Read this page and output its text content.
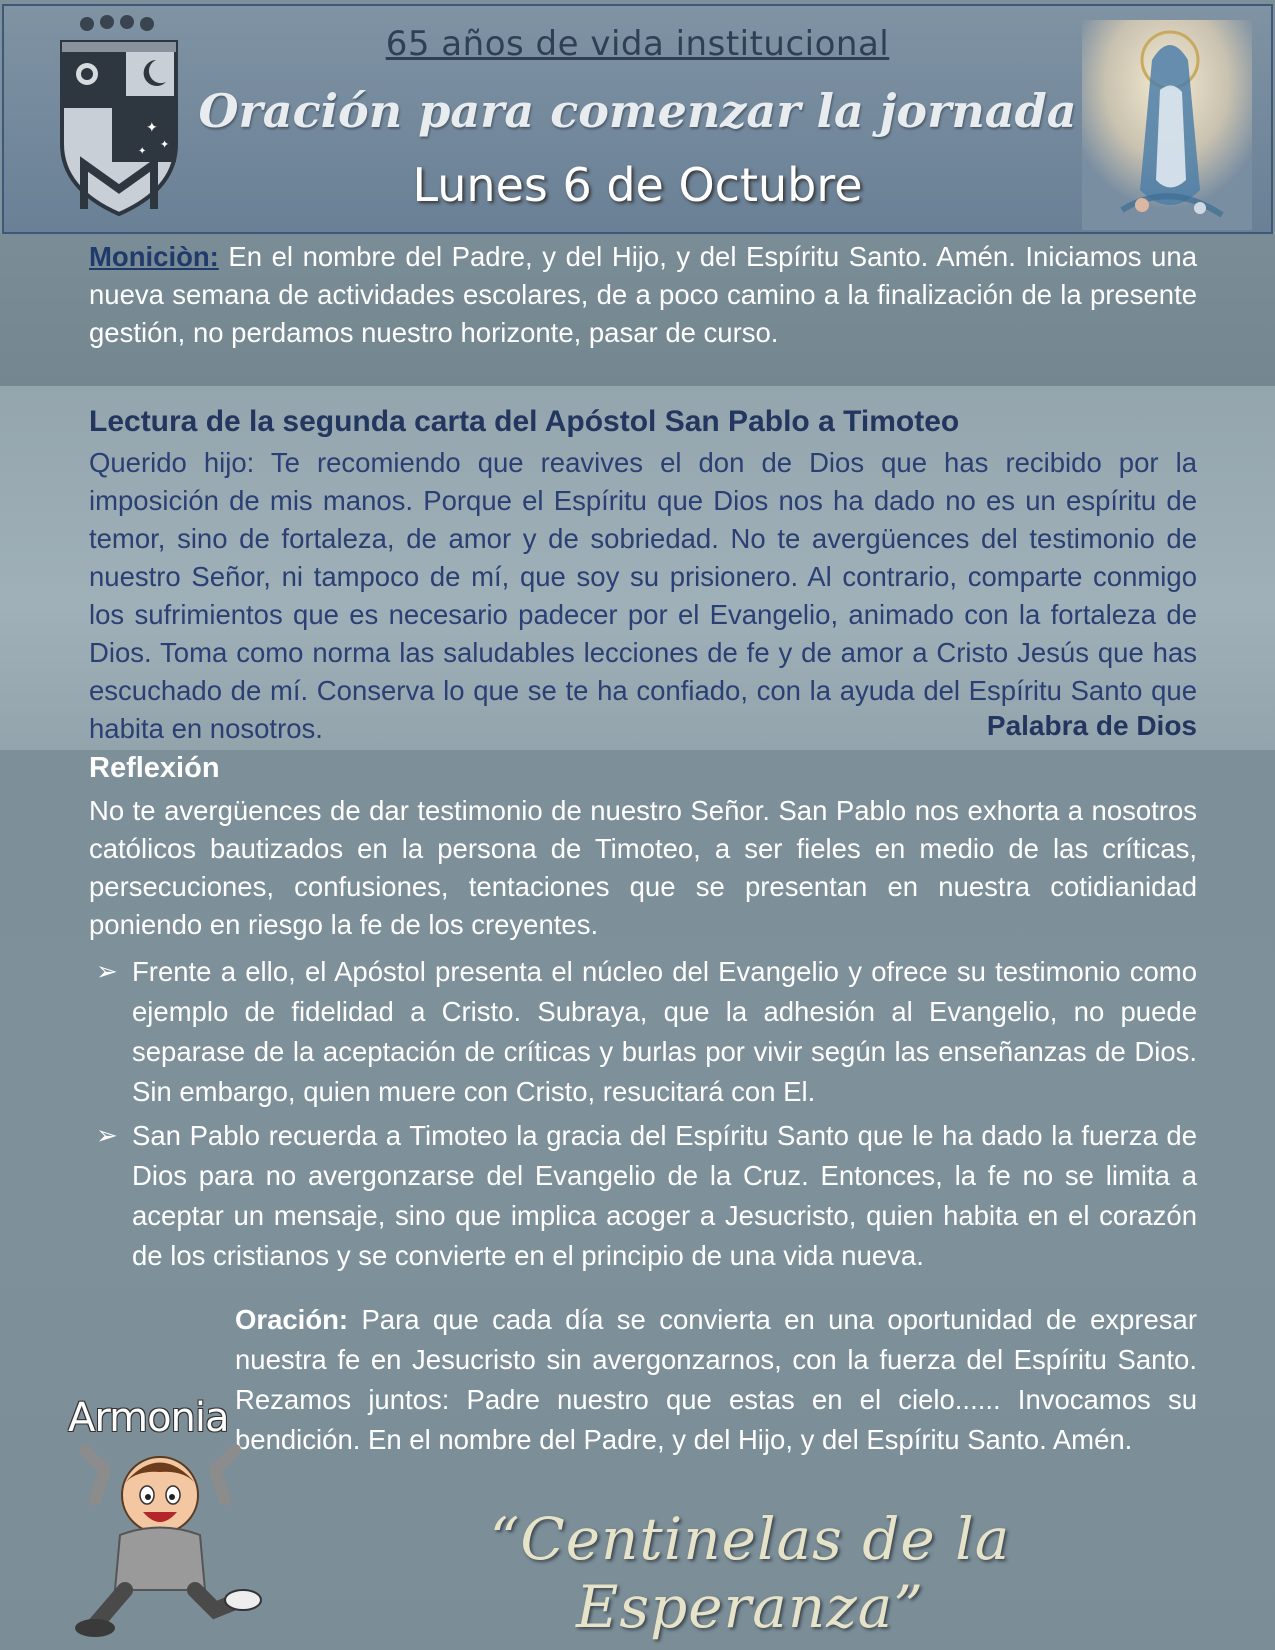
65 años de vida institucional
Oración para comenzar la jornada
Lunes 6 de Octubre
✦
✦
✦
Moniciòn: En el nombre del Padre, y del Hijo, y del Espíritu Santo. Amén. Iniciamos una nueva semana de actividades escolares, de a poco camino a la finalización de la presente gestión, no perdamos nuestro horizonte, pasar de curso.
Lectura de la segunda carta del Apóstol San Pablo a Timoteo
Querido hijo: Te recomiendo que reavives el don de Dios que has recibido por la imposición de mis manos. Porque el Espíritu que Dios nos ha dado no es un espíritu de temor, sino de fortaleza, de amor y de sobriedad. No te avergüences del testimonio de nuestro Señor, ni tampoco de mí, que soy su prisionero. Al contrario, comparte conmigo los sufrimientos que es necesario padecer por el Evangelio, animado con la fortaleza de Dios. Toma como norma las saludables lecciones de fe y de amor a Cristo Jesús que has escuchado de mí. Conserva lo que se te ha confiado, con la ayuda del Espíritu Santo que habita en nosotros.	Palabra de Dios
Reflexión
No te avergüences de dar testimonio de nuestro Señor. San Pablo nos exhorta a nosotros católicos bautizados en la persona de Timoteo, a ser fieles en medio de las críticas, persecuciones, confusiones, tentaciones que se presentan en nuestra cotidianidad poniendo en riesgo la fe de los creyentes.
➢ Frente a ello, el Apóstol presenta el núcleo del Evangelio y ofrece su testimonio como ejemplo de fidelidad a Cristo. Subraya, que la adhesión al Evangelio, no puede separase de la aceptación de críticas y burlas por vivir según las enseñanzas de Dios. Sin embargo, quien muere con Cristo, resucitará con El.
➢ San Pablo recuerda a Timoteo la gracia del Espíritu Santo que le ha dado la fuerza de Dios para no avergonzarse del Evangelio de la Cruz. Entonces, la fe no se limita a aceptar un mensaje, sino que implica acoger a Jesucristo, quien habita en el corazón de los cristianos y se convierte en el principio de una vida nueva.
Oración: Para que cada día se convierta en una oportunidad de expresar nuestra fe en Jesucristo sin avergonzarnos, con la fuerza del Espíritu Santo. Rezamos juntos: Padre nuestro que estas en el cielo...... Invocamos su bendición. En el nombre del Padre, y del Hijo, y del Espíritu Santo. Amén.
Armonia
“Centinelas de la Esperanza”
